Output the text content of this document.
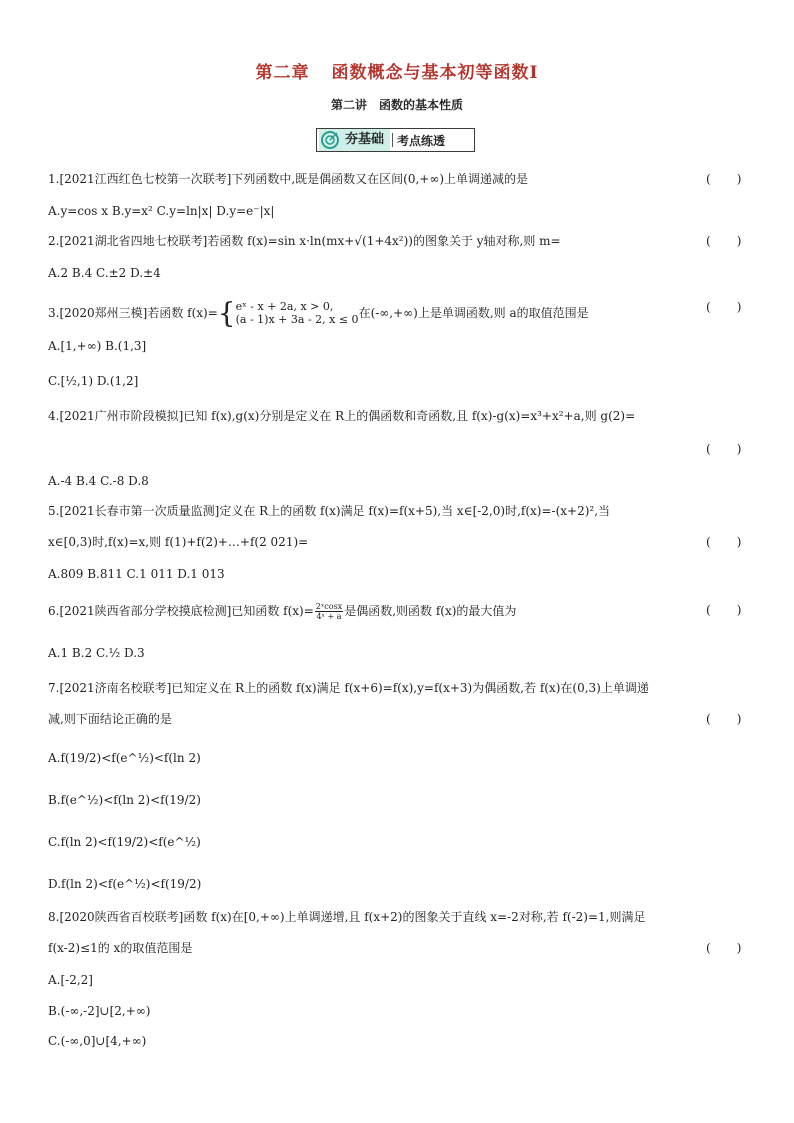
第二章 函数概念与基本初等函数Ⅰ
第二讲 函数的基本性质
夯基础	考点练透
1.[2021江西红色七校第一次联考]下列函数中,既是偶函数又在区间(0,+∞)上单调递减的是
( )
A.y=cos x B.y=x² C.y=ln|x| D.y=e⁻|x|
2.[2021湖北省四地七校联考]若函数 f(x)=sin x·ln(mx+√(1+4x²))的图象关于 y轴对称,则 m=
( )
A.2 B.4 C.±2 D.±4
3.[2020郑州三模]若函数 f(x)={ eˣ - x + 2a, x > 0,
(a - 1)x + 3a - 2, x ≤ 0 在(-∞,+∞)上是单调函数,则 a的取值范围是
( )
A.[1,+∞) B.(1,3]
C.[½,1) D.(1,2]
4.[2021广州市阶段模拟]已知 f(x),g(x)分别是定义在 R上的偶函数和奇函数,且 f(x)-g(x)=x³+x²+a,则 g(2)=
( )
A.-4 B.4 C.-8 D.8
5.[2021长春市第一次质量监测]定义在 R上的函数 f(x)满足 f(x)=f(x+5),当 x∈[-2,0)时,f(x)=-(x+2)²,当
x∈[0,3)时,f(x)=x,则 f(1)+f(2)+…+f(2 021)=
( )
A.809 B.811 C.1 011 D.1 013
6.[2021陕西省部分学校摸底检测]已知函数 $f(x)= \frac{\text{2ˣcosx}}{\text{4ˣ + a}}$ 是偶函数,则函数 f(x)的最大值为
( )
A.1 B.2 C.½ D.3
7.[2021济南名校联考]已知定义在 R上的函数 f(x)满足 f(x+6)=f(x),y=f(x+3)为偶函数,若 f(x)在(0,3)上单调递
减,则下面结论正确的是
( )
A.f(19/2)<f(e^½)<f(ln 2)
B.f(e^½)<f(ln 2)<f(19/2)
C.f(ln 2)<f(19/2)<f(e^½)
D.f(ln 2)<f(e^½)<f(19/2)
8.[2020陕西省百校联考]函数 f(x)在[0,+∞)上单调递增,且 f(x+2)的图象关于直线 x=-2对称,若 f(-2)=1,则满足
f(x-2)≤1的 x的取值范围是
( )
A.[-2,2]
B.(-∞,-2]∪[2,+∞)
C.(-∞,0]∪[4,+∞)
